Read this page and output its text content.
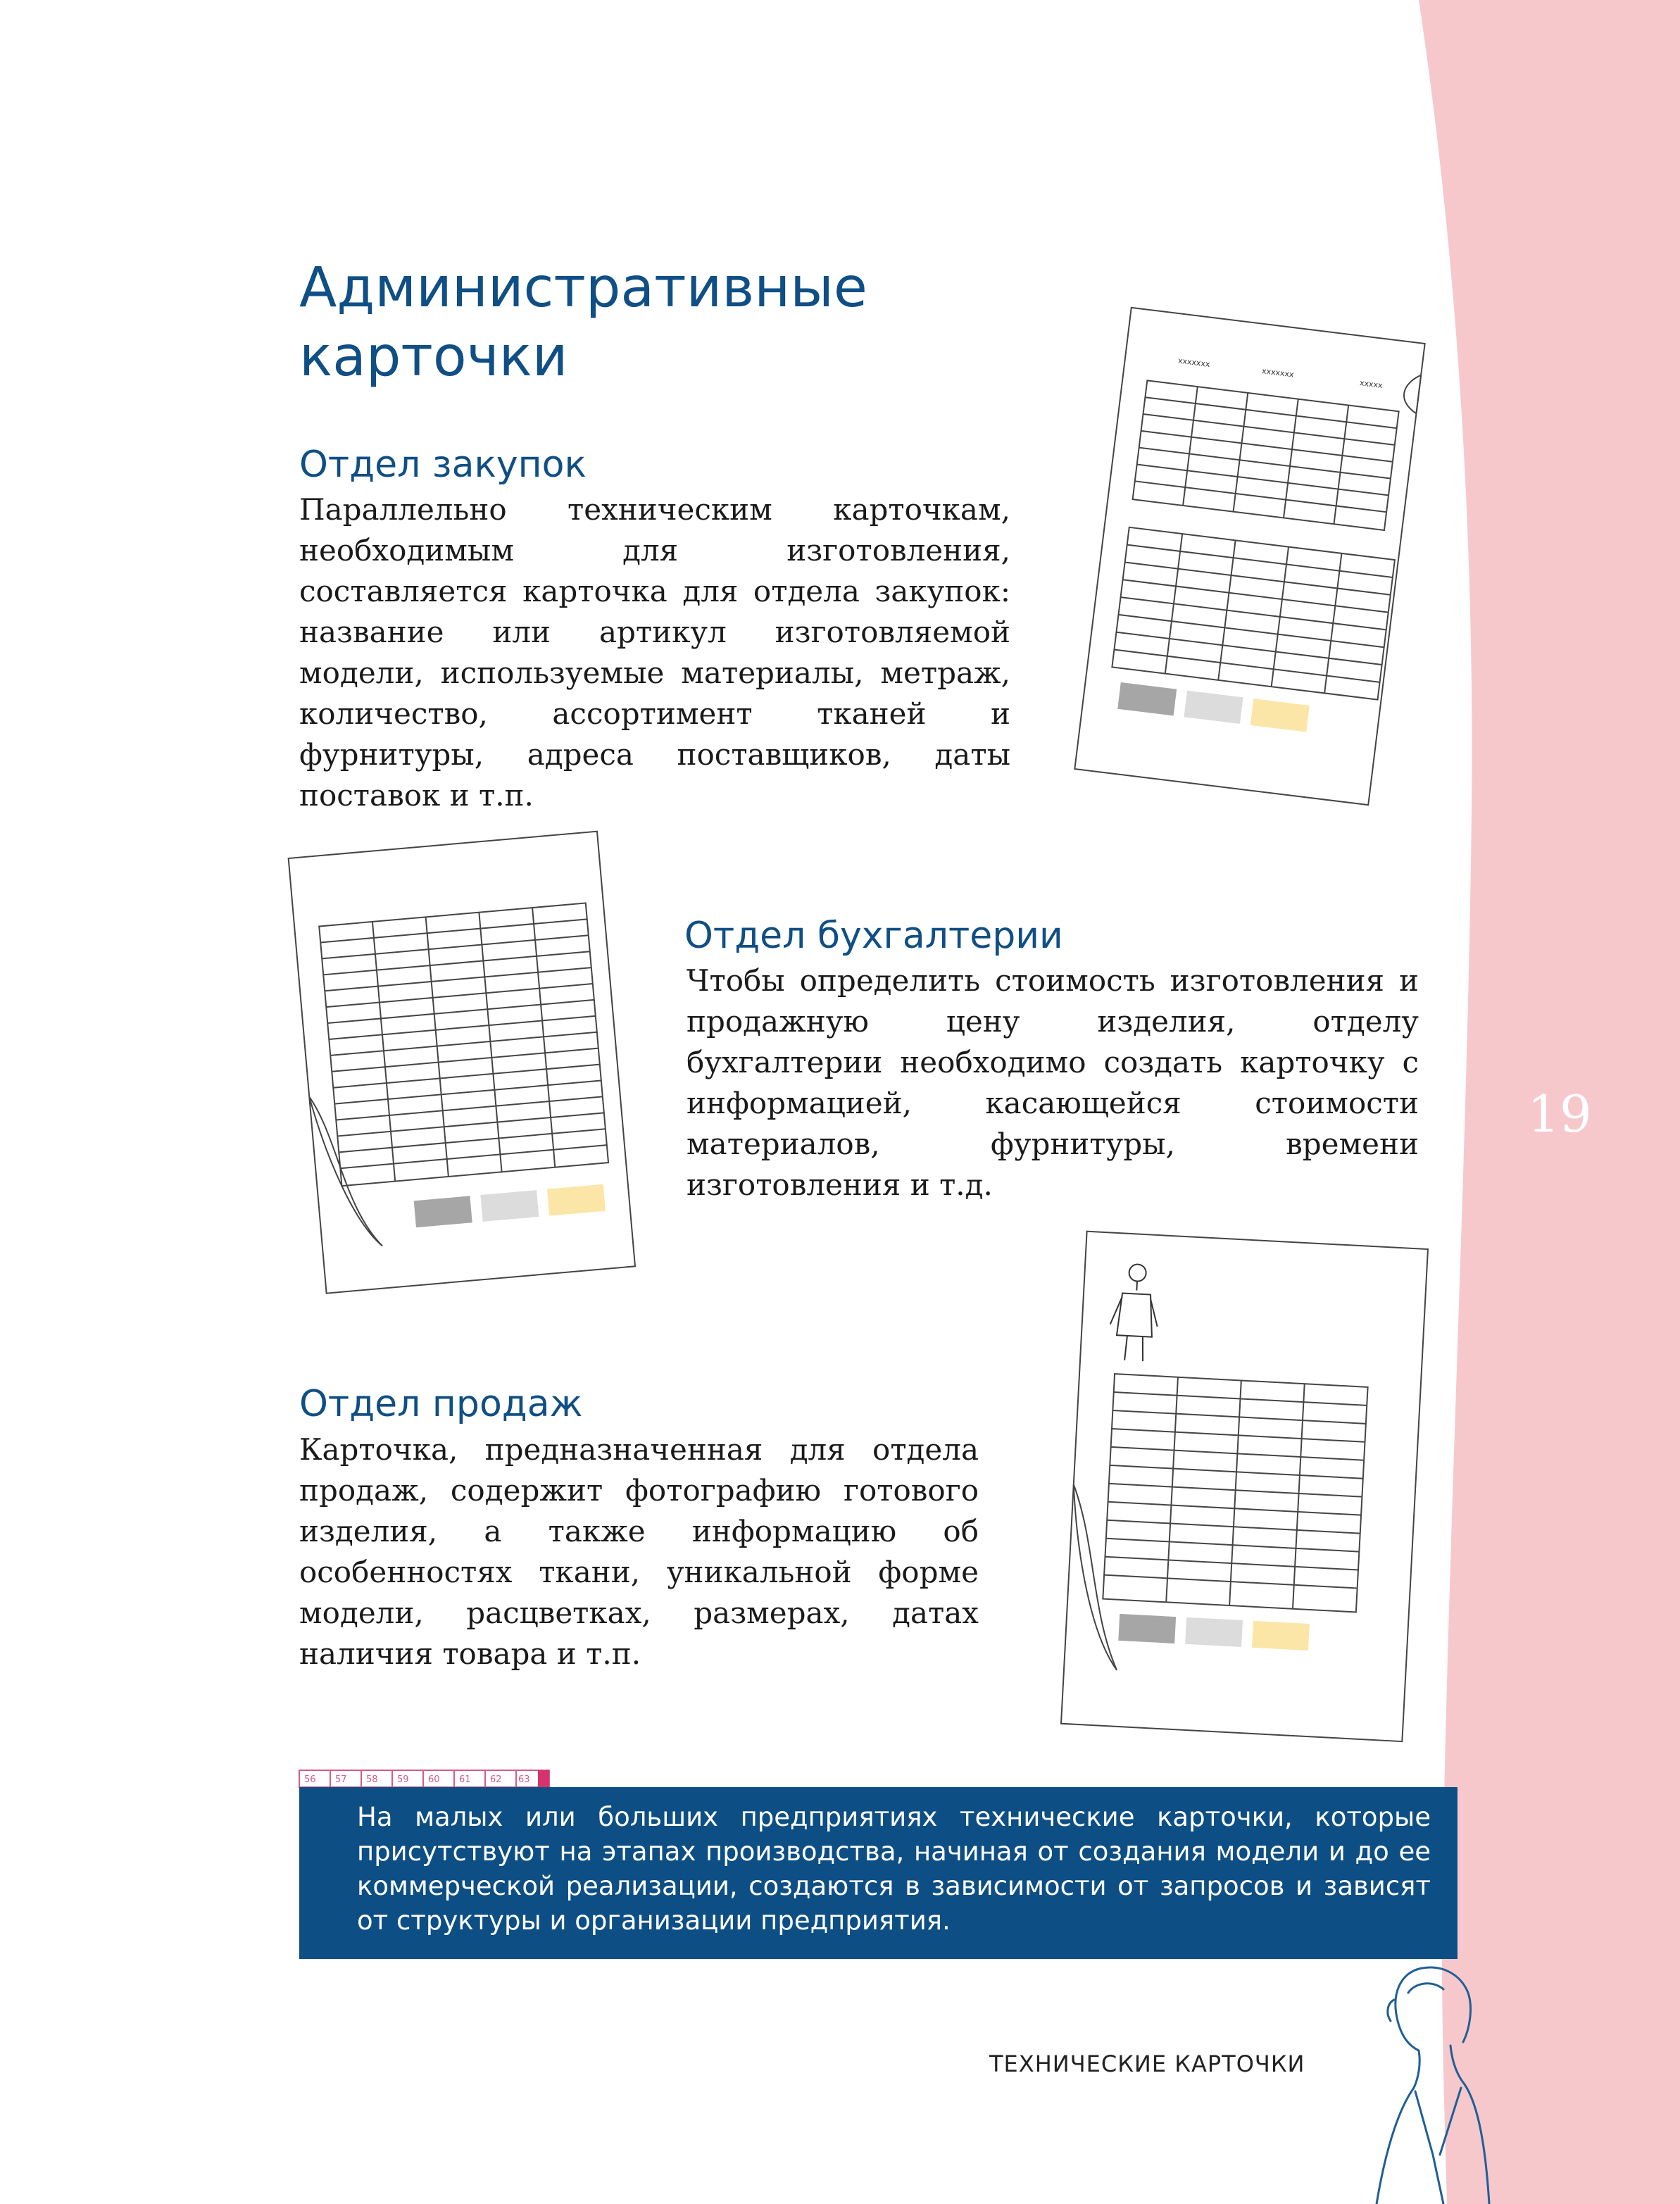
xxxxxxx
xxxxxxx
xxxxx
56 57 58 59 60 61 62 63
Административные карточки
Отдел закупок

Параллельно техническим карточкам, необходимым для изготовления, составляется карточка для отдела закупок: название или артикул изготовляемой модели, используемые материалы, метраж, количество, ассортимент тканей и фурнитуры, адреса поставщиков, даты поставок и т.п.

Отдел бухгалтерии

Чтобы определить стоимость изготовления и продажную цену изделия, отделу бухгалтерии необходимо создать карточку с информацией, касающейся стоимости материалов, фурнитуры, времени изготовления и т.д.

Отдел продаж

Карточка, предназначенная для отдела продаж, содержит фотографию готового изделия, а также информацию об особенностях ткани, уникальной форме модели, расцветках, размерах, датах наличия товара и т.п.

19

На малых или больших предприятиях технические карточки, которые присутствуют на этапах производства, начиная от создания модели и до ее коммерческой реализации, создаются в зависимости от запросов и зависят от структуры и организации предприятия.

ТЕХНИЧЕСКИЕ КАРТОЧКИ
